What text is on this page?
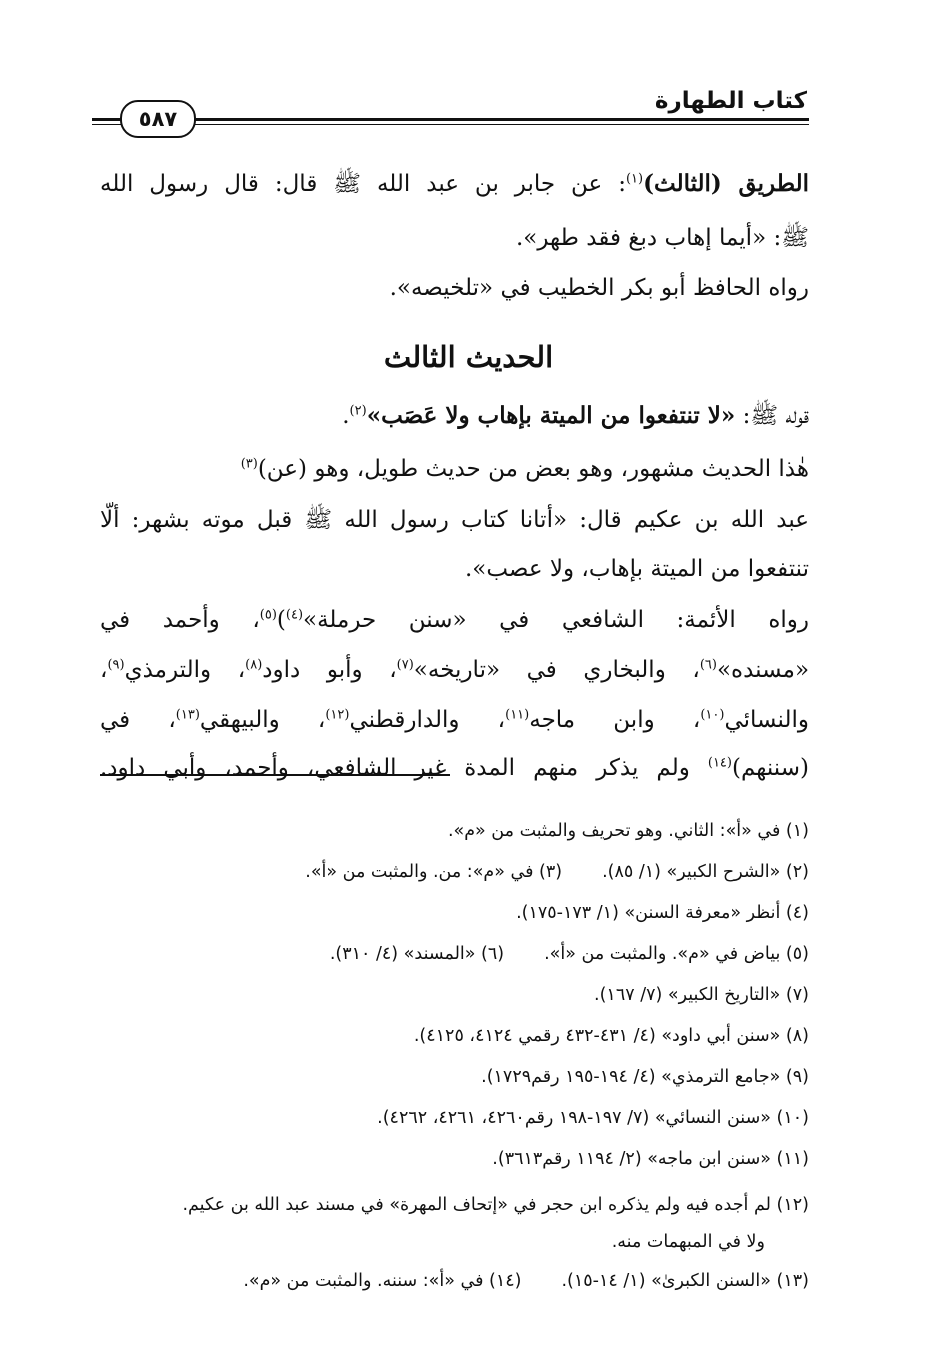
كتاب الطهارة
٥٨٧
الطريق (الثالث)$^{(١)}$: عن جابر بن عبد الله ﷺ قال: قال رسول الله
ﷺ: «أيما إهاب دبغ فقد طهر».
رواه الحافظ أبو بكر الخطيب في «تلخيصه».
الحديث الثالث
قوله ﷺ: «لا تنتفعوا من الميتة بإهاب ولا عَصَب»$^{(٢)}$.
هٰذا الحديث مشهور، وهو بعض من حديث طويل، وهو (عن)$^{(٣)}$
عبد الله بن عكيم قال: «أتانا كتاب رسول الله ﷺ قبل موته بشهر: ألّا
تنتفعوا من الميتة بإهاب، ولا عصب».
رواه الأئمة: الشافعي في «سنن حرملة»$^{(٤)}$)$^{(٥)}$، وأحمد في
«مسنده»$^{(٦)}$، والبخاري في «تاريخه»$^{(٧)}$، وأبو داود$^{(٨)}$، والترمذي$^{(٩)}$،
والنسائي$^{(١٠)}$، وابن ماجه$^{(١١)}$، والدارقطني$^{(١٢)}$، والبيهقي$^{(١٣)}$، في
(سننهم)$^{(١٤)}$ ولم يذكر منهم المدة غير الشافعي، وأحمد، وأبي داود.
(١) في «أ»: الثاني. وهو تحريف والمثبت من «م».
(٢) «الشرح الكبير» (١/ ٨٥).(٣) في «م»: من. والمثبت من «أ».
(٤) أنظر «معرفة السنن» (١/ ١٧٣-١٧٥).
(٥) بياض في «م». والمثبت من «أ».(٦) «المسند» (٤/ ٣١٠).
(٧) «التاريخ الكبير» (٧/ ١٦٧).
(٨) «سنن أبي داود» (٤/ ٤٣١-٤٣٢ رقمي ٤١٢٤، ٤١٢٥).
(٩) «جامع الترمذي» (٤/ ١٩٤-١٩٥ رقم١٧٢٩).
(١٠) «سنن النسائي» (٧/ ١٩٧-١٩٨ رقم٤٢٦٠، ٤٢٦١، ٤٢٦٢).
(١١) «سنن ابن ماجه» (٢/ ١١٩٤ رقم٣٦١٣).
(١٢) لم أجده فيه ولم يذكره ابن حجر في «إتحاف المهرة» في مسند عبد الله بن عكيم.
ولا في المبهمات منه.
(١٣) «السنن الكبرىٰ» (١/ ١٤-١٥).(١٤) في «أ»: سننه. والمثبت من «م».
